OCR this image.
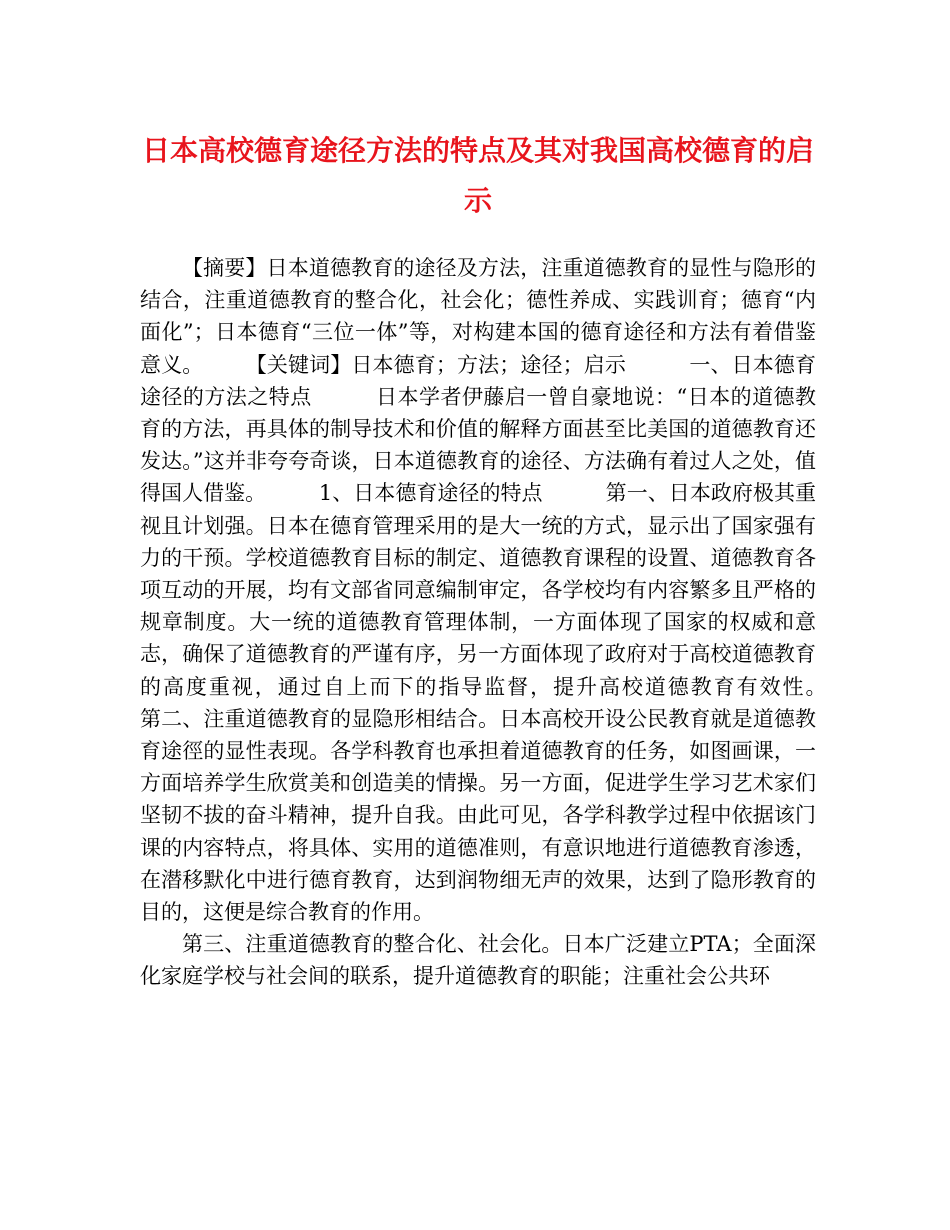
日本高校德育途径方法的特点及其对我国高校德育的启示

【摘要】日本道德教育的途径及方法，注重道德教育的显性与隐形的结合，注重道德教育的整合化，社会化；德性养成、实践训育；德育“内面化”；日本德育“三位一体”等，对构建本国的德育途径和方法有着借鉴意义。　　　【关键词】日本德育；方法；途径；启示　　　一、日本德育途径的方法之特点　　　日本学者伊藤启一曾自豪地说：“日本的道德教育的方法，再具体的制导技术和价值的解释方面甚至比美国的道德教育还发达。”这并非夸夸奇谈，日本道德教育的途径、方法确有着过人之处，值得国人借鉴。　　　1、日本德育途径的特点　　　第一、日本政府极其重视且计划强。日本在德育管理采用的是大一统的方式，显示出了国家强有力的干预。学校道德教育目标的制定、道德教育课程的设置、道德教育各项互动的开展，均有文部省同意编制审定，各学校均有内容繁多且严格的规章制度。大一统的道德教育管理体制，一方面体现了国家的权威和意志，确保了道德教育的严谨有序，另一方面体现了政府对于高校道德教育的高度重视，通过自上而下的指导监督，提升高校道德教育有效性。　　　第二、注重道德教育的显隐形相结合。日本高校开设公民教育就是道德教育途徑的显性表现。各学科教育也承担着道德教育的任务，如图画课，一方面培养学生欣赏美和创造美的情操。另一方面，促进学生学习艺术家们坚韧不拔的奋斗精神，提升自我。由此可见，各学科教学过程中依据该门课的内容特点，将具体、实用的道德准则，有意识地进行道德教育渗透，在潜移默化中进行德育教育，达到润物细无声的效果，达到了隐形教育的目的，这便是综合教育的作用。

第三、注重道德教育的整合化、社会化。日本广泛建立PTA；全面深化家庭学校与社会间的联系，提升道德教育的职能；注重社会公共环
